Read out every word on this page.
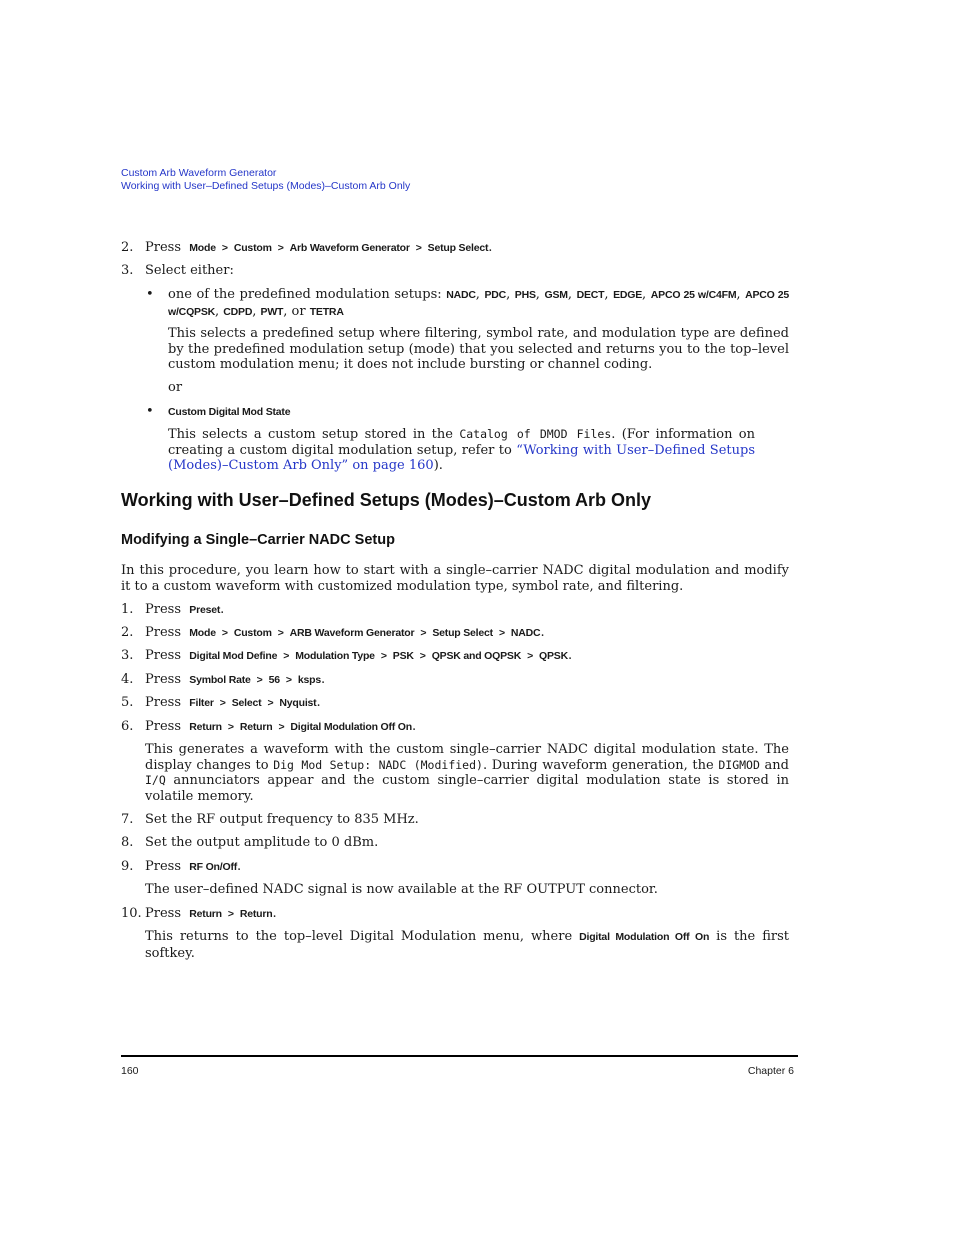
Custom Arb Waveform Generator
Working with User–Defined Setups (Modes)–Custom Arb Only
2. Press Mode > Custom > Arb Waveform Generator > Setup Select.
3. Select either:
• one of the predefined modulation setups: NADC, PDC, PHS, GSM, DECT, EDGE, APCO 25 w/C4FM, APCO 25 w/CQPSK, CDPD, PWT, or TETRA
This selects a predefined setup where filtering, symbol rate, and modulation type are defined by the predefined modulation setup (mode) that you selected and returns you to the top–level custom modulation menu; it does not include bursting or channel coding.
or
• Custom Digital Mod State
This selects a custom setup stored in the Catalog of DMOD Files. (For information on creating a custom digital modulation setup, refer to “Working with User–Defined Setups (Modes)–Custom Arb Only” on page 160).
Working with User–Defined Setups (Modes)–Custom Arb Only
Modifying a Single–Carrier NADC Setup
In this procedure, you learn how to start with a single–carrier NADC digital modulation and modify it to a custom waveform with customized modulation type, symbol rate, and filtering.
1. Press Preset.
2. Press Mode > Custom > ARB Waveform Generator > Setup Select > NADC.
3. Press Digital Mod Define > Modulation Type > PSK > QPSK and OQPSK > QPSK.
4. Press Symbol Rate > 56 > ksps.
5. Press Filter > Select > Nyquist.
6. Press Return > Return > Digital Modulation Off On.
This generates a waveform with the custom single–carrier NADC digital modulation state. The display changes to Dig Mod Setup: NADC (Modified). During waveform generation, the DIGMOD and I/Q annunciators appear and the custom single–carrier digital modulation state is stored in volatile memory.
7. Set the RF output frequency to 835 MHz.
8. Set the output amplitude to 0 dBm.
9. Press RF On/Off.
The user–defined NADC signal is now available at the RF OUTPUT connector.
10. Press Return > Return.
This returns to the top–level Digital Modulation menu, where Digital Modulation Off On is the first softkey.
160	Chapter 6
